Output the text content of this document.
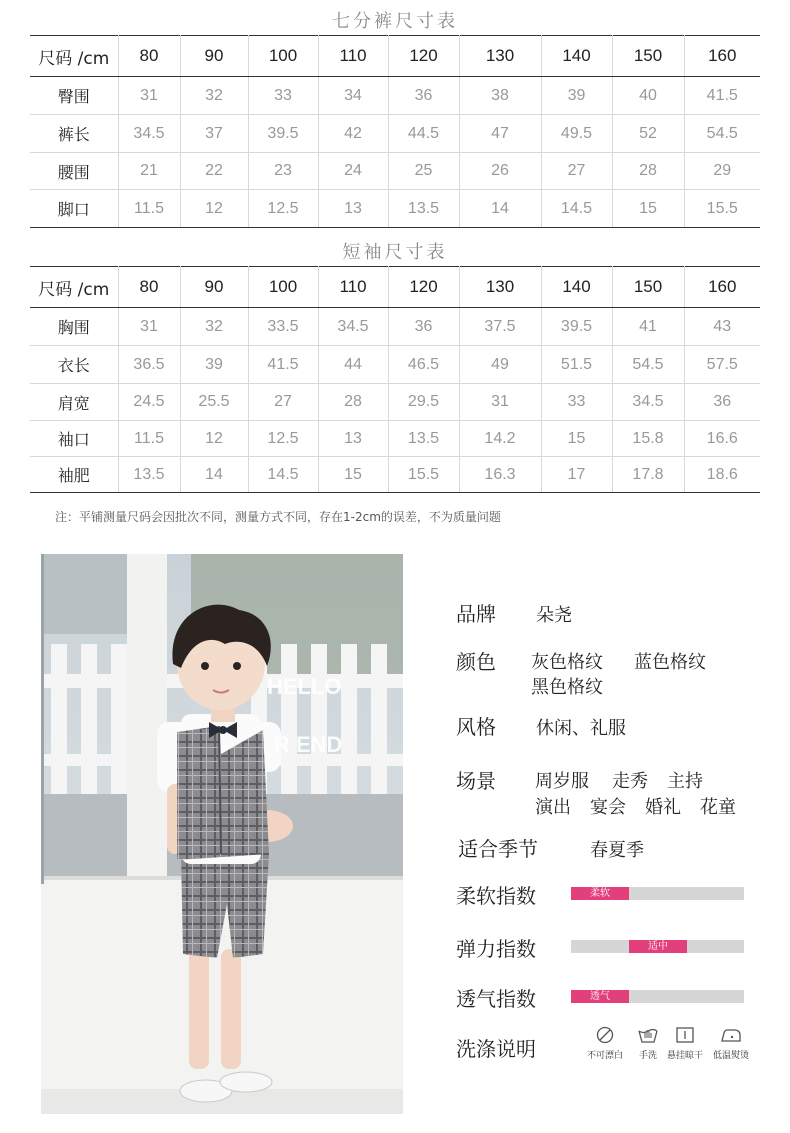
七分裤尺寸表
尺码 /cm	80	90	100	110	120	130	140	150	160
臀围	31	32	33	34	36	38	39	40	41.5
裤长	34.5	37	39.5	42	44.5	47	49.5	52	54.5
腰围	21	22	23	24	25	26	27	28	29
脚口	11.5	12	12.5	13	13.5	14	14.5	15	15.5
短袖尺寸表
尺码 /cm	80	90	100	110	120	130	140	150	160
胸围	31	32	33.5	34.5	36	37.5	39.5	41	43
衣长	36.5	39	41.5	44	46.5	49	51.5	54.5	57.5
肩宽	24.5	25.5	27	28	29.5	31	33	34.5	36
袖口	11.5	12	12.5	13	13.5	14.2	15	15.8	16.6
袖肥	13.5	14	14.5	15	15.5	16.3	17	17.8	18.6
注：平铺测量尺码会因批次不同，测量方式不同，存在1-2cm的误差，不为质量问题
HELLO
R END
品牌 朵尧
颜色 灰色格纹 蓝色格纹
黑色格纹
风格 休闲、礼服
场景 周岁服 走秀 主持
演出 宴会 婚礼 花童
适合季节	春夏季
柔软指数	柔软
弹力指数	适中
透气指数	透气
洗涤说明	不可漂白	手洗	悬挂晾干	低温熨烫
